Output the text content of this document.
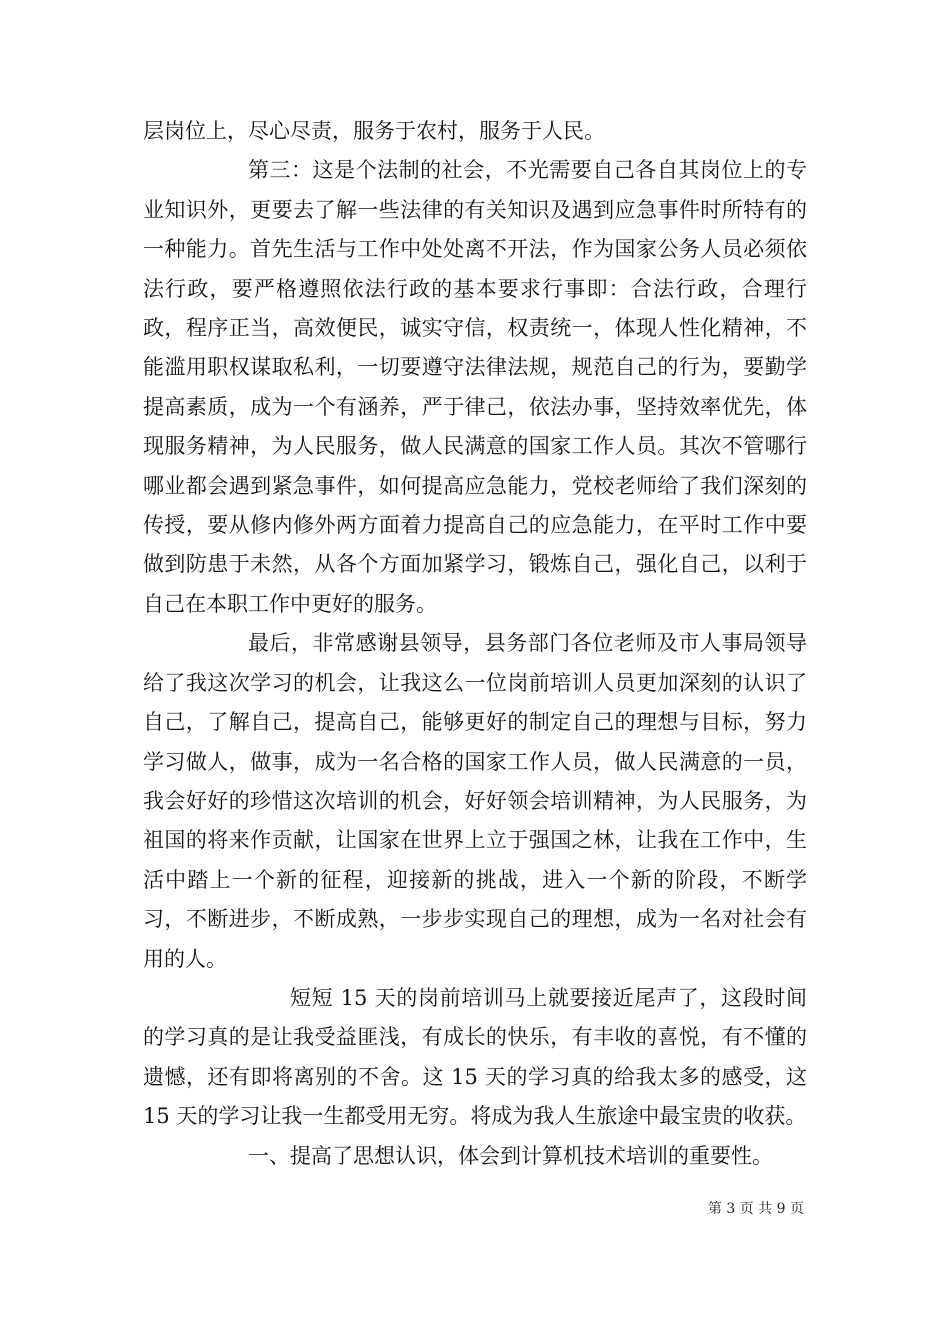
层岗位上，尽心尽责，服务于农村，服务于人民。

第三：这是个法制的社会，不光需要自己各自其岗位上的专业知识外，更要去了解一些法律的有关知识及遇到应急事件时所特有的一种能力。首先生活与工作中处处离不开法，作为国家公务人员必须依法行政，要严格遵照依法行政的基本要求行事即：合法行政，合理行政，程序正当，高效便民，诚实守信，权责统一，体现人性化精神，不能滥用职权谋取私利，一切要遵守法律法规，规范自己的行为，要勤学提高素质，成为一个有涵养，严于律己，依法办事，坚持效率优先，体现服务精神，为人民服务，做人民满意的国家工作人员。其次不管哪行哪业都会遇到紧急事件，如何提高应急能力，党校老师给了我们深刻的传授，要从修内修外两方面着力提高自己的应急能力，在平时工作中要做到防患于未然，从各个方面加紧学习，锻炼自己，强化自己，以利于自己在本职工作中更好的服务。

最后，非常感谢县领导，县务部门各位老师及市人事局领导给了我这次学习的机会，让我这么一位岗前培训人员更加深刻的认识了自己，了解自己，提高自己，能够更好的制定自己的理想与目标，努力学习做人，做事，成为一名合格的国家工作人员，做人民满意的一员，我会好好的珍惜这次培训的机会，好好领会培训精神，为人民服务，为祖国的将来作贡献，让国家在世界上立于强国之林，让我在工作中，生活中踏上一个新的征程，迎接新的挑战，进入一个新的阶段，不断学习，不断进步，不断成熟，一步步实现自己的理想，成为一名对社会有用的人。

短短 15 天的岗前培训马上就要接近尾声了，这段时间的学习真的是让我受益匪浅，有成长的快乐，有丰收的喜悦，有不懂的遗憾，还有即将离别的不舍。这 15 天的学习真的给我太多的感受，这 15 天的学习让我一生都受用无穷。将成为我人生旅途中最宝贵的收获。

一、提高了思想认识，体会到计算机技术培训的重要性。

第 3 页 共 9 页
